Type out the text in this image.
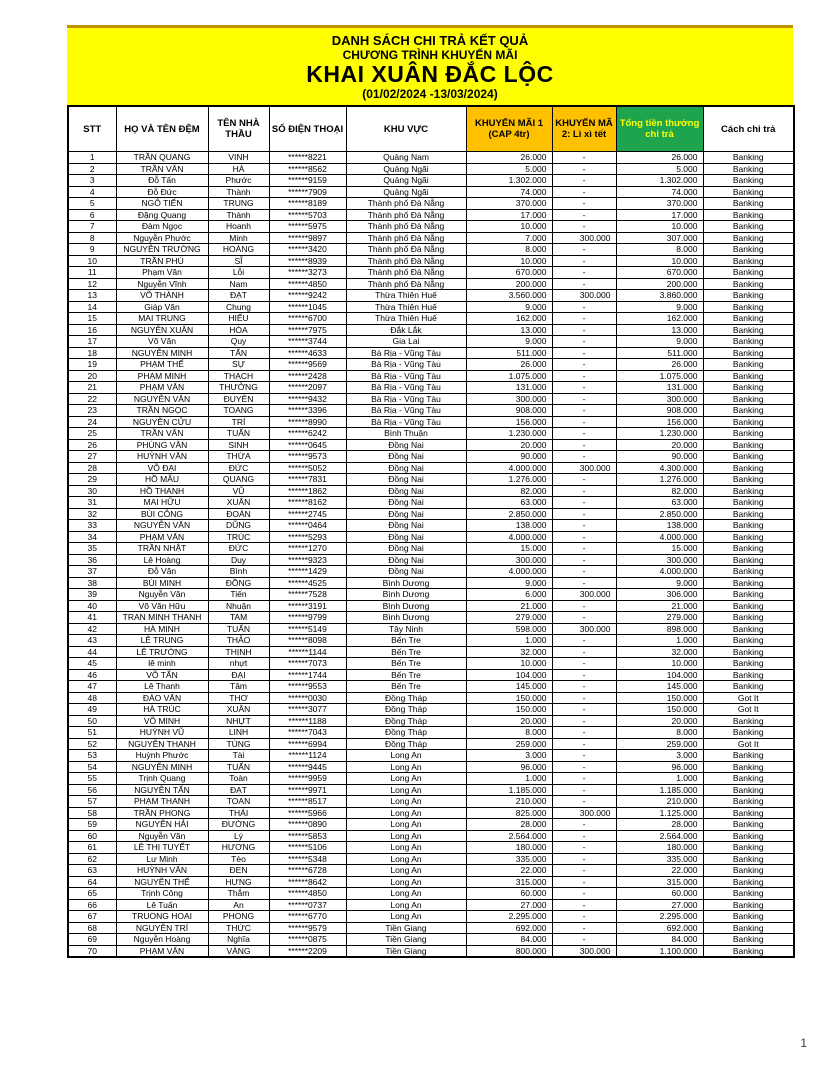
DANH SÁCH CHI TRẢ KẾT QUẢ
CHƯƠNG TRÌNH KHUYẾN MÃI
KHAI XUÂN ĐẮC LỘC
(01/02/2024 -13/03/2024)
STT	HỌ VÀ TÊN ĐỆM	TÊN NHÀ THẦU	SỐ ĐIỆN THOẠI	KHU VỰC	KHUYẾN MÃI 1 (CAP 4tr)	KHUYẾN MÃ 2: Lì xì tết	Tổng tiền thưởng chi trả	Cách chi trả
1	TRẦN QUANG	VINH	******8221	Quảng Nam	26.000	-	26.000	Banking
2	TRẦN VĂN	HÀ	******8562	Quảng Ngãi	5.000	-	5.000	Banking
3	Đỗ Tấn	Phước	******9159	Quảng Ngãi	1.302.000	-	1.302.000	Banking
4	Đỗ Đức	Thành	******7909	Quảng Ngãi	74.000	-	74.000	Banking
5	NGÔ TIẾN	TRUNG	******8189	Thành phố Đà Nẵng	370.000	-	370.000	Banking
6	Đặng Quang	Thành	******5703	Thành phố Đà Nẵng	17.000	-	17.000	Banking
7	Đàm Ngọc	Hoanh	******5975	Thành phố Đà Nẵng	10.000	-	10.000	Banking
8	Nguyễn Phước	Minh	******9897	Thành phố Đà Nẵng	7.000	300.000	307.000	Banking
9	NGUYỄN TRƯỜNG	HOÀNG	******3420	Thành phố Đà Nẵng	8.000	-	8.000	Banking
10	TRẦN PHÚ	SĨ	******8939	Thành phố Đà Nẵng	10.000	-	10.000	Banking
11	Phạm Văn	Lỗi	******3273	Thành phố Đà Nẵng	670.000	-	670.000	Banking
12	Nguyễn Vĩnh	Nam	******4850	Thành phố Đà Nẵng	200.000	-	200.000	Banking
13	VÕ THÀNH	ĐẠT	******9242	Thừa Thiên Huế	3.560.000	300.000	3.860.000	Banking
14	Giáp Văn	Chung	******1045	Thừa Thiên Huế	9.000	-	9.000	Banking
15	MAI TRUNG	HIẾU	******6700	Thừa Thiên Huế	162.000	-	162.000	Banking
16	NGUYỄN XUÂN	HÒA	******7975	Đắk Lắk	13.000	-	13.000	Banking
17	Võ Văn	Quy	******3744	Gia Lai	9.000	-	9.000	Banking
18	NGUYỄN MINH	TẤN	******4633	Bà Rịa - Vũng Tàu	511.000	-	511.000	Banking
19	PHẠM THẾ	SỰ	******9569	Bà Rịa - Vũng Tàu	26.000	-	26.000	Banking
20	PHẠM MINH	THẠCH	******2428	Bà Rịa - Vũng Tàu	1.075.000	-	1.075.000	Banking
21	PHẠM VĂN	THƯỞNG	******2097	Bà Rịa - Vũng Tàu	131.000	-	131.000	Banking
22	NGUYỄN VĂN	ĐUYÊN	******9432	Bà Rịa - Vũng Tàu	300.000	-	300.000	Banking
23	TRẦN NGỌC	TOANG	******3396	Bà Rịa - Vũng Tàu	908.000	-	908.000	Banking
24	NGUYỄN CỬU	TRÍ	******8990	Bà Rịa - Vũng Tàu	156.000	-	156.000	Banking
25	TRẦN VĂN	TUẤN	******6242	Bình Thuận	1.230.000	-	1.230.000	Banking
26	PHÙNG VĂN	SINH	******0645	Đồng Nai	20.000	-	20.000	Banking
27	HUỲNH VĂN	THỪA	******9573	Đồng Nai	90.000	-	90.000	Banking
28	VÕ ĐẠI	ĐỨC	******5052	Đồng Nai	4.000.000	300.000	4.300.000	Banking
29	HỒ MẪU	QUANG	******7831	Đồng Nai	1.276.000	-	1.276.000	Banking
30	HỒ THANH	VŨ	******1862	Đồng Nai	82.000	-	82.000	Banking
31	MAI HỮU	XUÂN	******8162	Đồng Nai	63.000	-	63.000	Banking
32	BÙI CÔNG	ĐOÀN	******2745	Đồng Nai	2.850.000	-	2.850.000	Banking
33	NGUYỄN VĂN	DŨNG	******0464	Đồng Nai	138.000	-	138.000	Banking
34	PHẠM VĂN	TRÚC	******5293	Đồng Nai	4.000.000	-	4.000.000	Banking
35	TRẦN NHẬT	ĐỨC	******1270	Đồng Nai	15.000	-	15.000	Banking
36	Lê Hoàng	Duy	******9323	Đồng Nai	300.000	-	300.000	Banking
37	Đỗ Văn	Bình	******1429	Đồng Nai	4.000.000	-	4.000.000	Banking
38	BÙI MINH	ĐỒNG	******4525	Bình Dương	9.000	-	9.000	Banking
39	Nguyễn Văn	Tiến	******7528	Bình Dương	6.000	300.000	306.000	Banking
40	Võ Văn Hữu	Nhuận	******3191	Bình Dương	21.000	-	21.000	Banking
41	TRAN MINH THANH	TAM	******9799	Bình Dương	279.000	-	279.000	Banking
42	HÀ MINH	TUẤN	******5149	Tây Ninh	598.000	300.000	898.000	Banking
43	LÊ TRUNG	THẢO	******8098	Bến Tre	1.000	-	1.000	Banking
44	LÊ TRƯỜNG	THỊNH	******1144	Bến Tre	32.000	-	32.000	Banking
45	lê minh	nhựt	******7073	Bến Tre	10.000	-	10.000	Banking
46	VÕ TẤN	ĐẠI	******1744	Bến Tre	104.000	-	104.000	Banking
47	Lê Thanh	Tâm	******9553	Bến Tre	145.000	-	145.000	Banking
48	ĐÀO VĂN	THƠ	******0030	Đồng Tháp	150.000	-	150.000	Got It
49	HÀ TRÚC	XUÂN	******3077	Đồng Tháp	150.000	-	150.000	Got It
50	VÕ MINH	NHỰT	******1188	Đồng Tháp	20.000	-	20.000	Banking
51	HUỲNH VŨ	LINH	******7043	Đồng Tháp	8.000	-	8.000	Banking
52	NGUYỄN THANH	TÙNG	******6994	Đồng Tháp	259.000	-	259.000	Got It
53	Huỳnh Phước	Tài	******1124	Long An	3.000	-	3.000	Banking
54	NGUYỄN MINH	TUẤN	******9445	Long An	96.000	-	96.000	Banking
55	Trịnh Quang	Toàn	******9959	Long An	1.000	-	1.000	Banking
56	NGUYỄN TẤN	ĐẠT	******9971	Long An	1.185.000	-	1.185.000	Banking
57	PHẠM THANH	TOAN	******8517	Long An	210.000	-	210.000	Banking
58	TRẦN PHONG	THÁI	******5966	Long An	825.000	300.000	1.125.000	Banking
59	NGUYỄN HẢI	ĐƯỜNG	******0890	Long An	28.000	-	28.000	Banking
60	Nguyễn Văn	Lý	******5853	Long An	2.564.000	-	2.564.000	Banking
61	LÊ THỊ TUYẾT	HƯƠNG	******5106	Long An	180.000	-	180.000	Banking
62	Lư Minh	Tèo	******5348	Long An	335.000	-	335.000	Banking
63	HUỲNH VĂN	ĐEN	******6728	Long An	22.000	-	22.000	Banking
64	NGUYỄN THẾ	HƯNG	******8642	Long An	315.000	-	315.000	Banking
65	Trịnh Công	Thắm	******4850	Long An	60.000	-	60.000	Banking
66	Lê Tuấn	An	******0737	Long An	27.000	-	27.000	Banking
67	TRUONG HOAI	PHONG	******6770	Long An	2.295.000	-	2.295.000	Banking
68	NGUYỄN TRÍ	THỨC	******9579	Tiền Giang	692.000	-	692.000	Banking
69	Nguyễn Hoàng	Nghĩa	******0875	Tiền Giang	84.000	-	84.000	Banking
70	PHẠM VĂN	VÀNG	******2209	Tiền Giang	800.000	300.000	1.100.000	Banking
1
